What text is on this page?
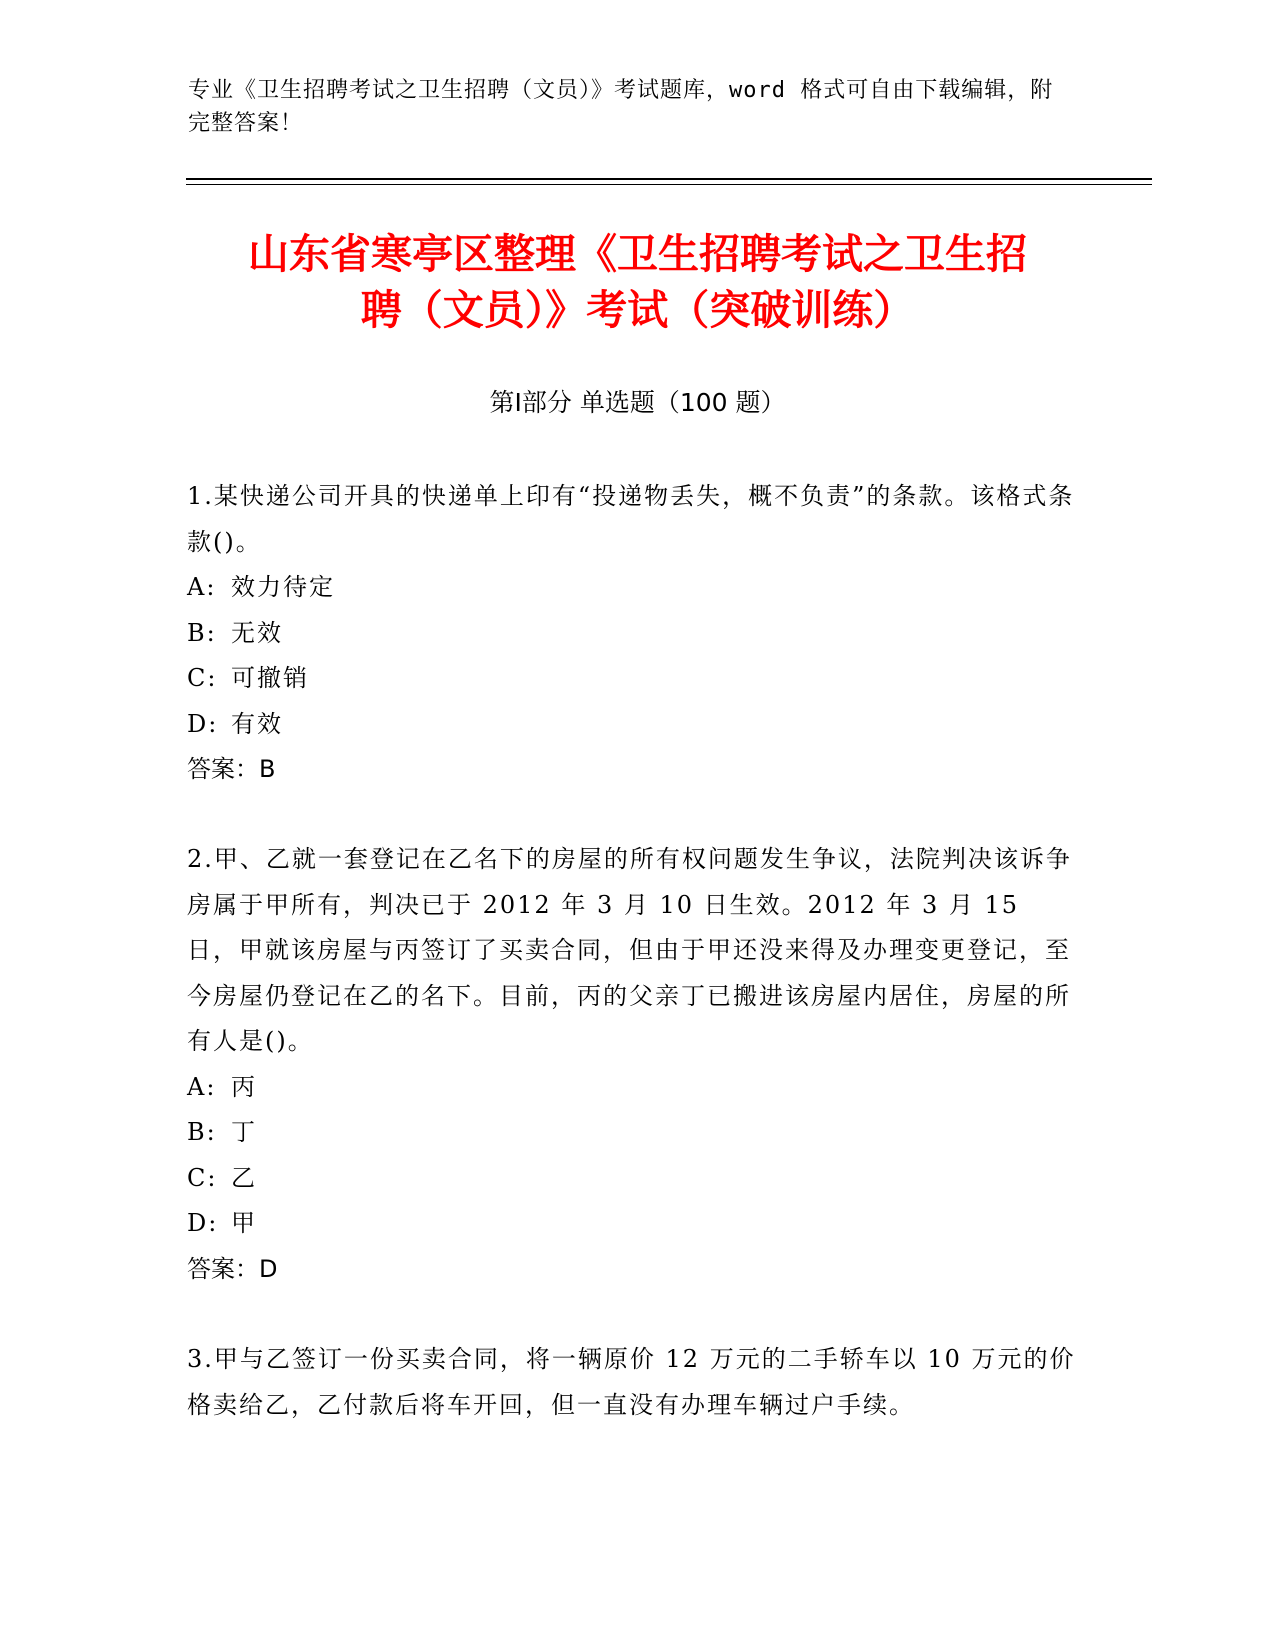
专业《卫生招聘考试之卫生招聘（文员）》考试题库，word 格式可自由下载编辑，附完整答案！
山东省寒亭区整理《卫生招聘考试之卫生招
聘（文员）》考试（突破训练）
第Ⅰ部分 单选题（100 题）
1.某快递公司开具的快递单上印有“投递物丢失，概不负责”的条款。该格式条款()。
A: 效力待定
B: 无效
C: 可撤销
D: 有效
答案：B
2.甲、乙就一套登记在乙名下的房屋的所有权问题发生争议，法院判决该诉争房属于甲所有，判决已于 2012 年 3 月 10 日生效。2012 年 3 月 15 日，甲就该房屋与丙签订了买卖合同，但由于甲还没来得及办理变更登记，至今房屋仍登记在乙的名下。目前，丙的父亲丁已搬进该房屋内居住，房屋的所有人是()。
A: 丙
B: 丁
C: 乙
D: 甲
答案：D
3.甲与乙签订一份买卖合同，将一辆原价 12 万元的二手轿车以 10 万元的价格卖给乙，乙付款后将车开回，但一直没有办理车辆过户手续。
